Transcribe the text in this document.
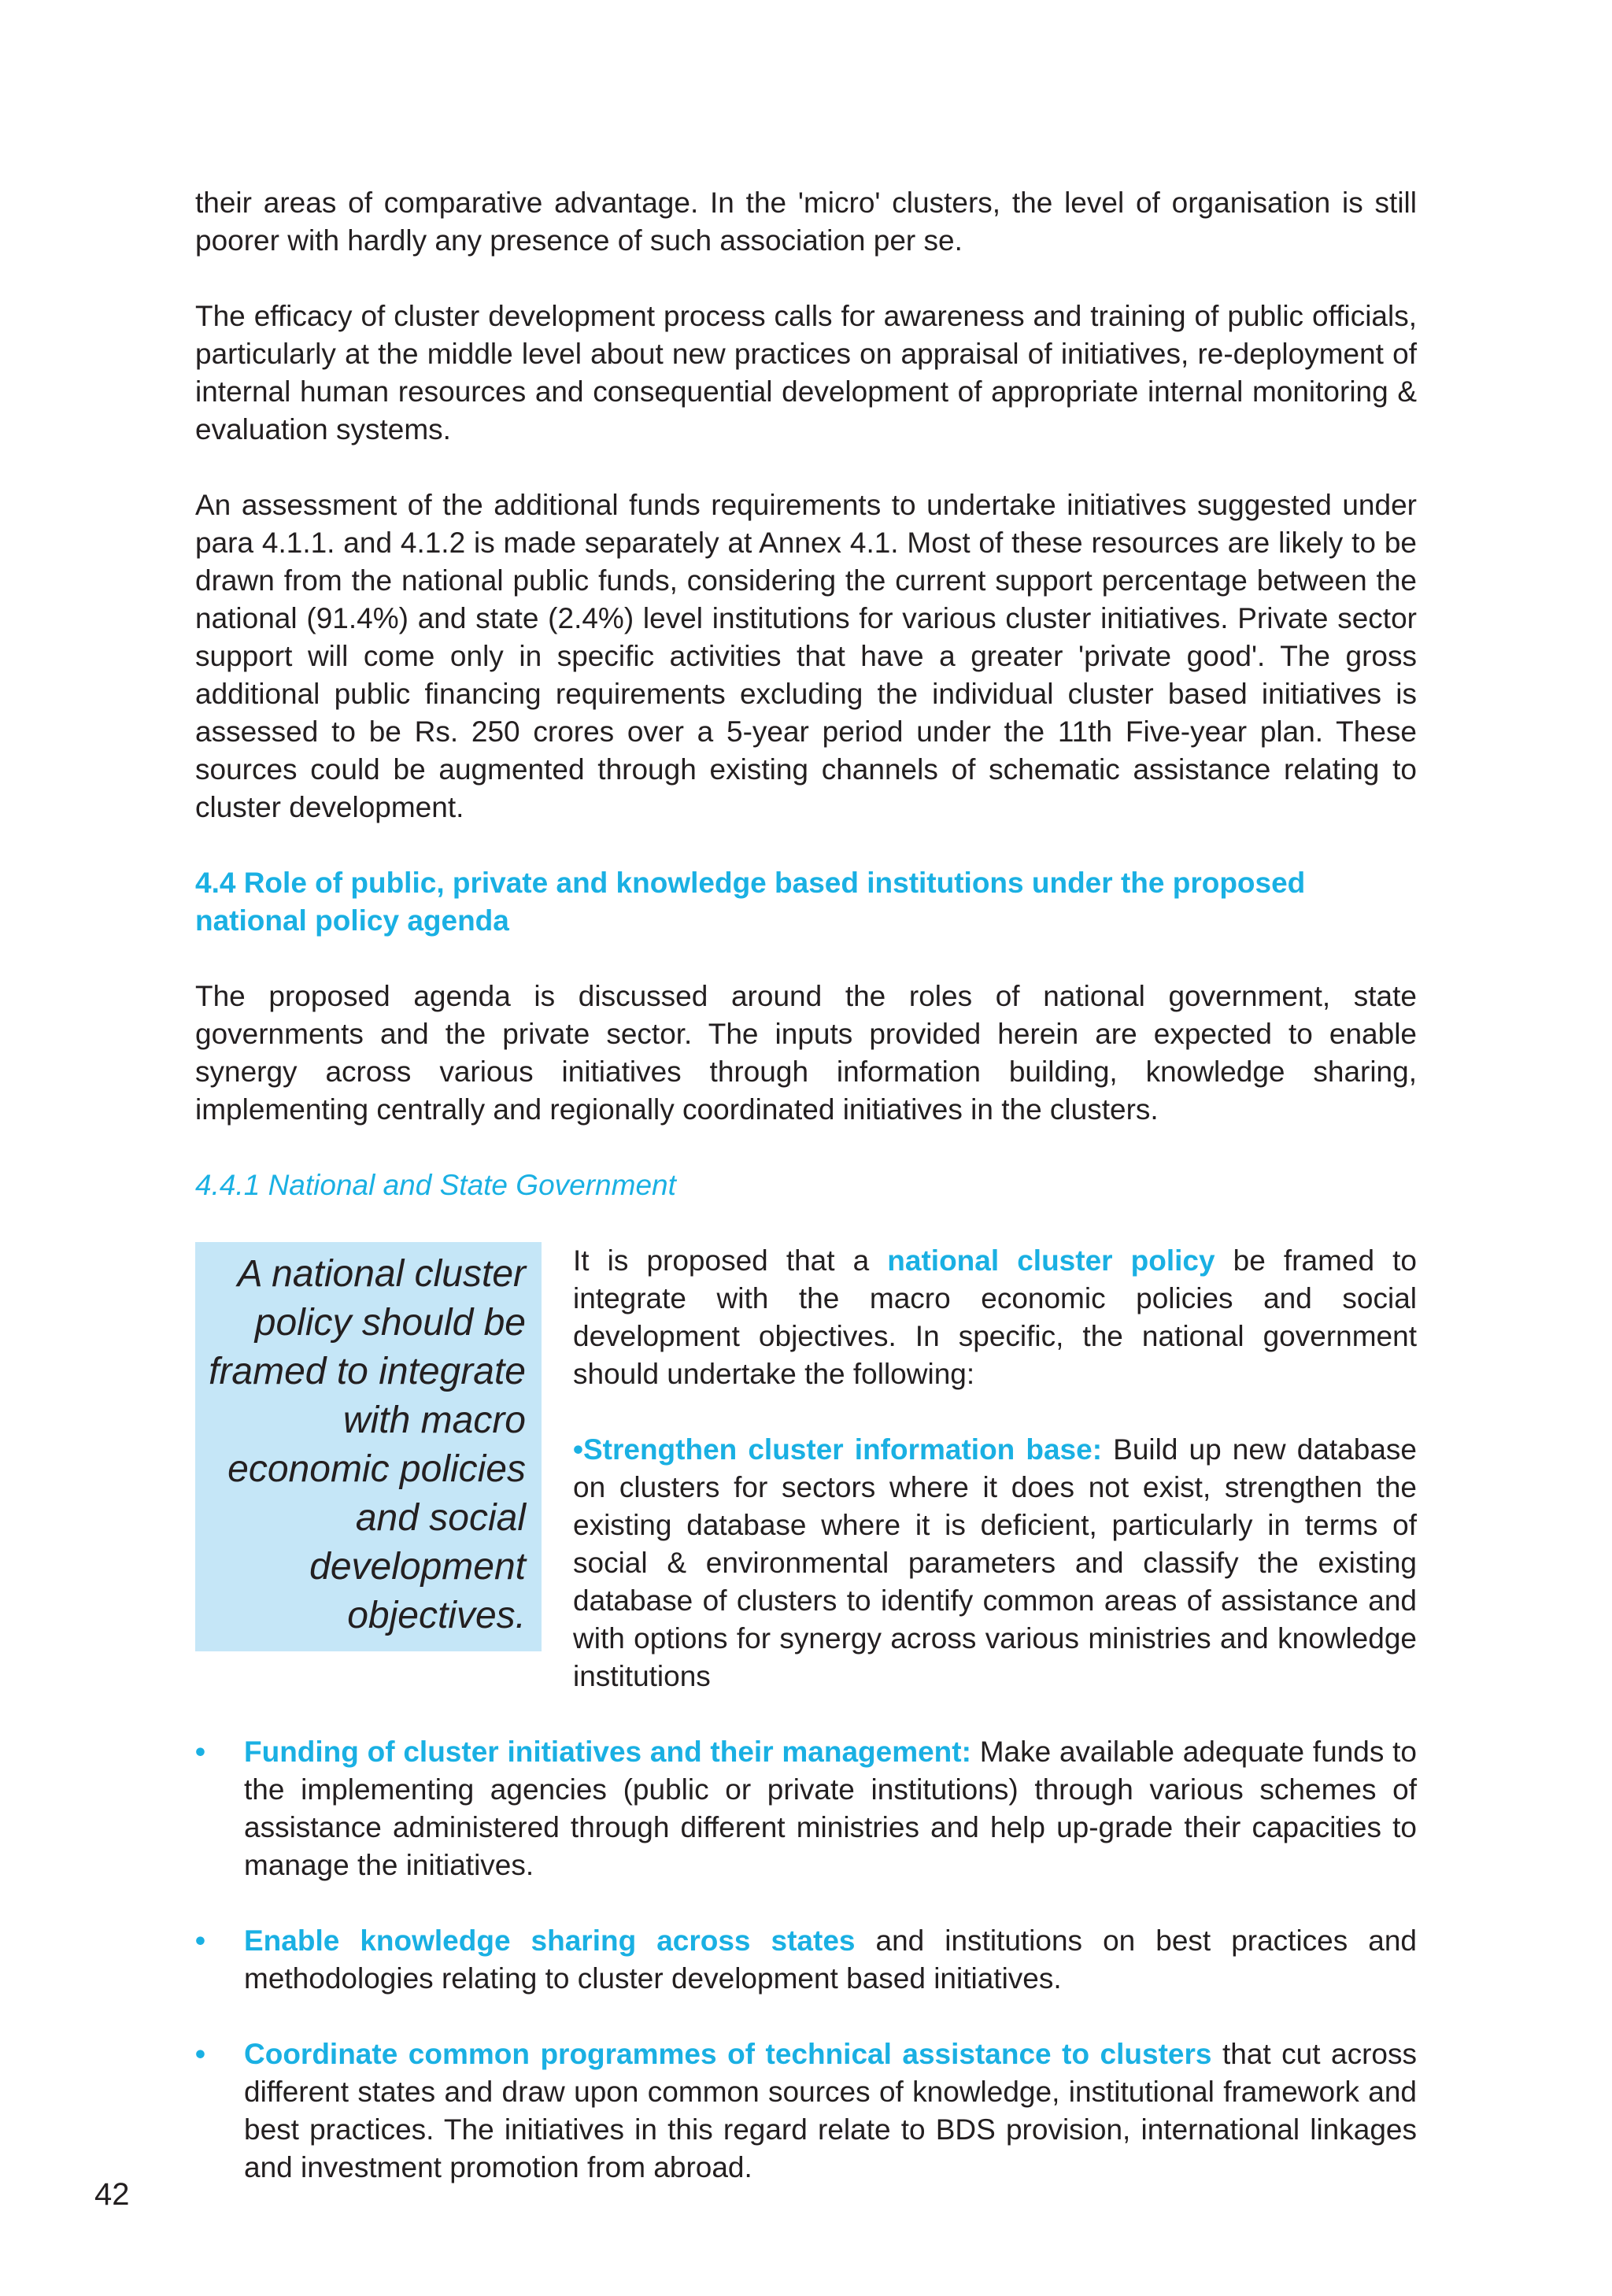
their areas of comparative advantage. In the 'micro' clusters, the level of organisation is still poorer with hardly any presence of such association per se.

The efficacy of cluster development process calls for awareness and training of public officials, particularly at the middle level about new practices on appraisal of initiatives, re-deployment of internal human resources and consequential development of appropriate internal monitoring & evaluation systems.

An assessment of the additional funds requirements to undertake initiatives suggested under para 4.1.1. and 4.1.2 is made separately at Annex 4.1. Most of these resources are likely to be drawn from the national public funds, considering the current support percentage between the national (91.4%) and state (2.4%) level institutions for various cluster initiatives. Private sector support will come only in specific activities that have a greater 'private good'. The gross additional public financing requirements excluding the individual cluster based initiatives is assessed to be Rs. 250 crores over a 5-year period under the 11th Five-year plan. These sources could be augmented through existing channels of schematic assistance relating to cluster development.

4.4 Role of public, private and knowledge based institutions under the proposed national policy agenda

The proposed agenda is discussed around the roles of national government, state governments and the private sector. The inputs provided herein are expected to enable synergy across various initiatives through information building, knowledge sharing, implementing centrally and regionally coordinated initiatives in the clusters.

4.4.1 National and State Government
A national cluster policy should be framed to integrate with macro economic policies and social development objectives.

It is proposed that a national cluster policy be framed to integrate with the macro economic policies and social development objectives. In specific, the national government should undertake the following:

•Strengthen cluster information base: Build up new database on clusters for sectors where it does not exist, strengthen the existing database where it is deficient, particularly in terms of social & environmental parameters and classify the existing database of clusters to identify common areas of assistance and with options for synergy across various ministries and knowledge institutions

• Funding of cluster initiatives and their management: Make available adequate funds to the implementing agencies (public or private institutions) through various schemes of assistance administered through different ministries and help up-grade their capacities to manage the initiatives.
• Enable knowledge sharing across states and institutions on best practices and methodologies relating to cluster development based initiatives.
• Coordinate common programmes of technical assistance to clusters that cut across different states and draw upon common sources of knowledge, institutional framework and best practices. The initiatives in this regard relate to BDS provision, international linkages and investment promotion from abroad.
42
